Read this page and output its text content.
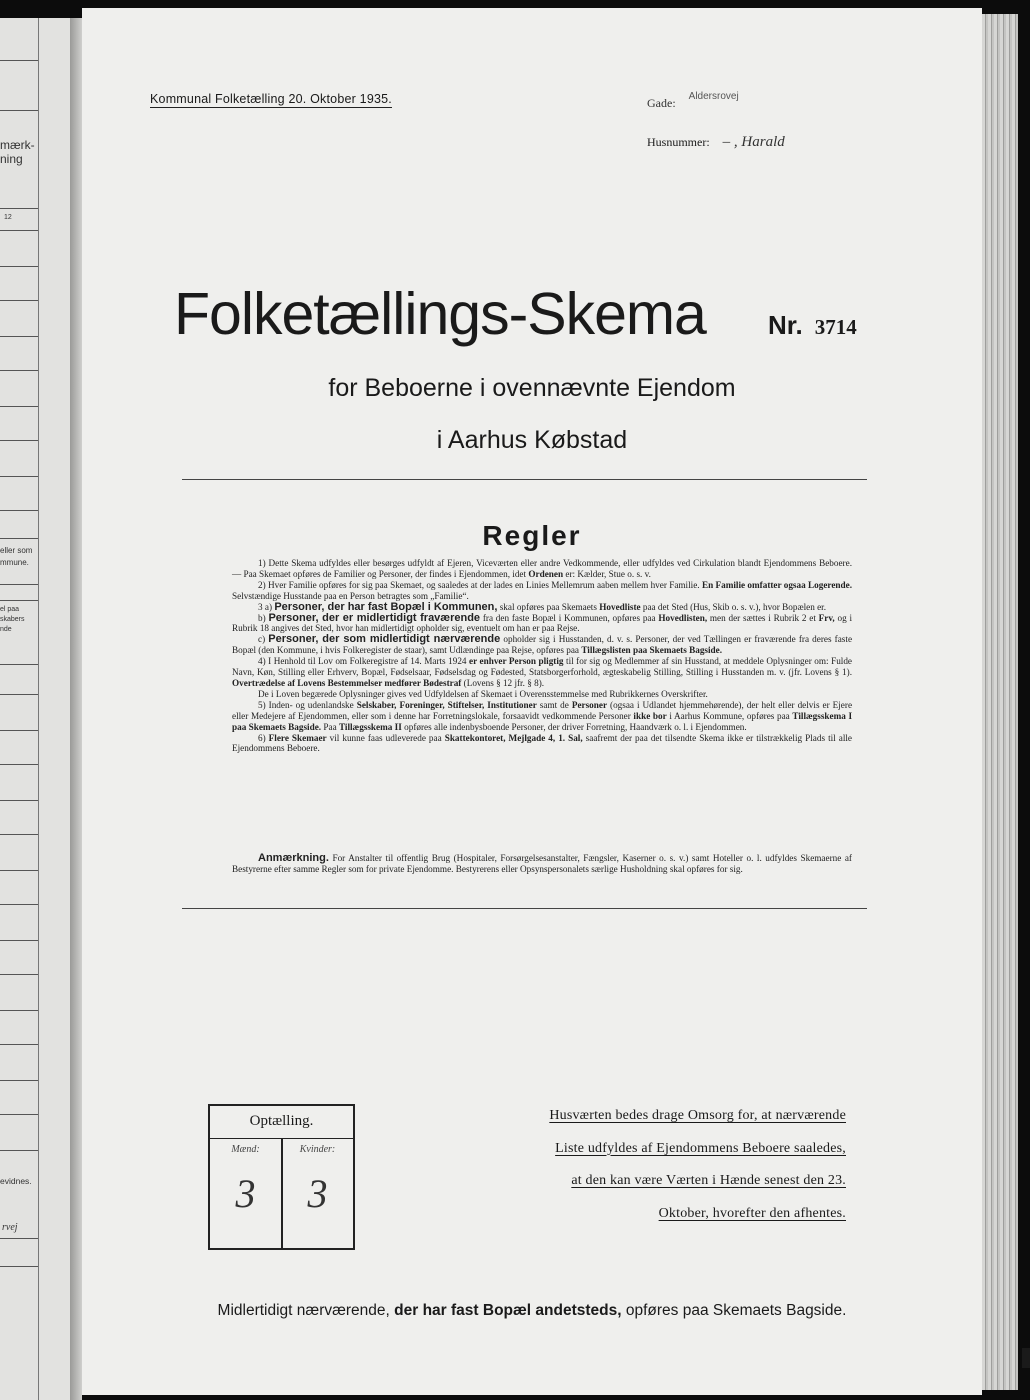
mærk-
ning
12
eller som
mmune.
el paa
skabers
nde
evidnes.
rvej
Kommunal Folketælling 20. Oktober 1935.	Gade: $^{Aldersrovej}$
Husnummer: – , Harald
Folketællings-Skema Nr. 3714
for Beboerne i ovennævnte Ejendom
i Aarhus Købstad
Regler

1) Dette Skema udfyldes eller besørges udfyldt af Ejeren, Viceværten eller andre Vedkommende, eller udfyldes ved Cirkulation blandt Ejendommens Beboere. — Paa Skemaet opføres de Familier og Personer, der findes i Ejendommen, idet Ordenen er: Kælder, Stue o. s. v.

2) Hver Familie opføres for sig paa Skemaet, og saaledes at der lades en Linies Mellemrum aaben mellem hver Familie. En Familie omfatter ogsaa Logerende. Selvstændige Husstande paa en Person betragtes som „Familie“.

3 a) Personer, der har fast Bopæl i Kommunen, skal opføres paa Skemaets Hovedliste paa det Sted (Hus, Skib o. s. v.), hvor Bopælen er.

b) Personer, der er midlertidigt fraværende fra den faste Bopæl i Kommunen, opføres paa Hovedlisten, men der sættes i Rubrik 2 et Frv, og i Rubrik 18 angives det Sted, hvor han midlertidigt opholder sig, eventuelt om han er paa Rejse.

c) Personer, der som midlertidigt nærværende opholder sig i Husstanden, d. v. s. Personer, der ved Tællingen er fraværende fra deres faste Bopæl (den Kommune, i hvis Folkeregister de staar), samt Udlændinge paa Rejse, opføres paa Tillægslisten paa Skemaets Bagside.

4) I Henhold til Lov om Folkeregistre af 14. Marts 1924 er enhver Person pligtig til for sig og Medlemmer af sin Husstand, at meddele Oplysninger om: Fulde Navn, Køn, Stilling eller Erhverv, Bopæl, Fødselsaar, Fødselsdag og Fødested, Statsborgerforhold, ægteskabelig Stilling, Stilling i Husstanden m. v. (jfr. Lovens § 1). Overtrædelse af Lovens Bestemmelser medfører Bødestraf (Lovens § 12 jfr. § 8).

De i Loven begærede Oplysninger gives ved Udfyldelsen af Skemaet i Overensstemmelse med Rubrikkernes Overskrifter.

5) Inden- og udenlandske Selskaber, Foreninger, Stiftelser, Institutioner samt de Personer (ogsaa i Udlandet hjemmehørende), der helt eller delvis er Ejere eller Medejere af Ejendommen, eller som i denne har Forretningslokale, forsaavidt vedkommende Personer ikke bor i Aarhus Kommune, opføres paa Tillægsskema I paa Skemaets Bagside. Paa Tillægsskema II opføres alle indenbysboende Personer, der driver Forretning, Haandværk o. l. i Ejendommen.

6) Flere Skemaer vil kunne faas udleverede paa Skattekontoret, Mejlgade 4, 1. Sal, saafremt der paa det tilsendte Skema ikke er tilstrækkelig Plads til alle Ejendommens Beboere.

Anmærkning. For Anstalter til offentlig Brug (Hospitaler, Forsørgelsesanstalter, Fængsler, Kaserner o. s. v.) samt Hoteller o. l. udfyldes Skemaerne af Bestyrerne efter samme Regler som for private Ejendomme. Bestyrerens eller Opsynspersonalets særlige Husholdning skal opføres for sig.

Optælling.
Mænd:	Kvinder:
3	3
Husværten bedes drage Omsorg for, at nærværende
Liste udfyldes af Ejendommens Beboere saaledes,
at den kan være Værten i Hænde senest den 23.
Oktober, hvorefter den afhentes.
Midlertidigt nærværende, der har fast Bopæl andetsteds, opføres paa Skemaets Bagside.
